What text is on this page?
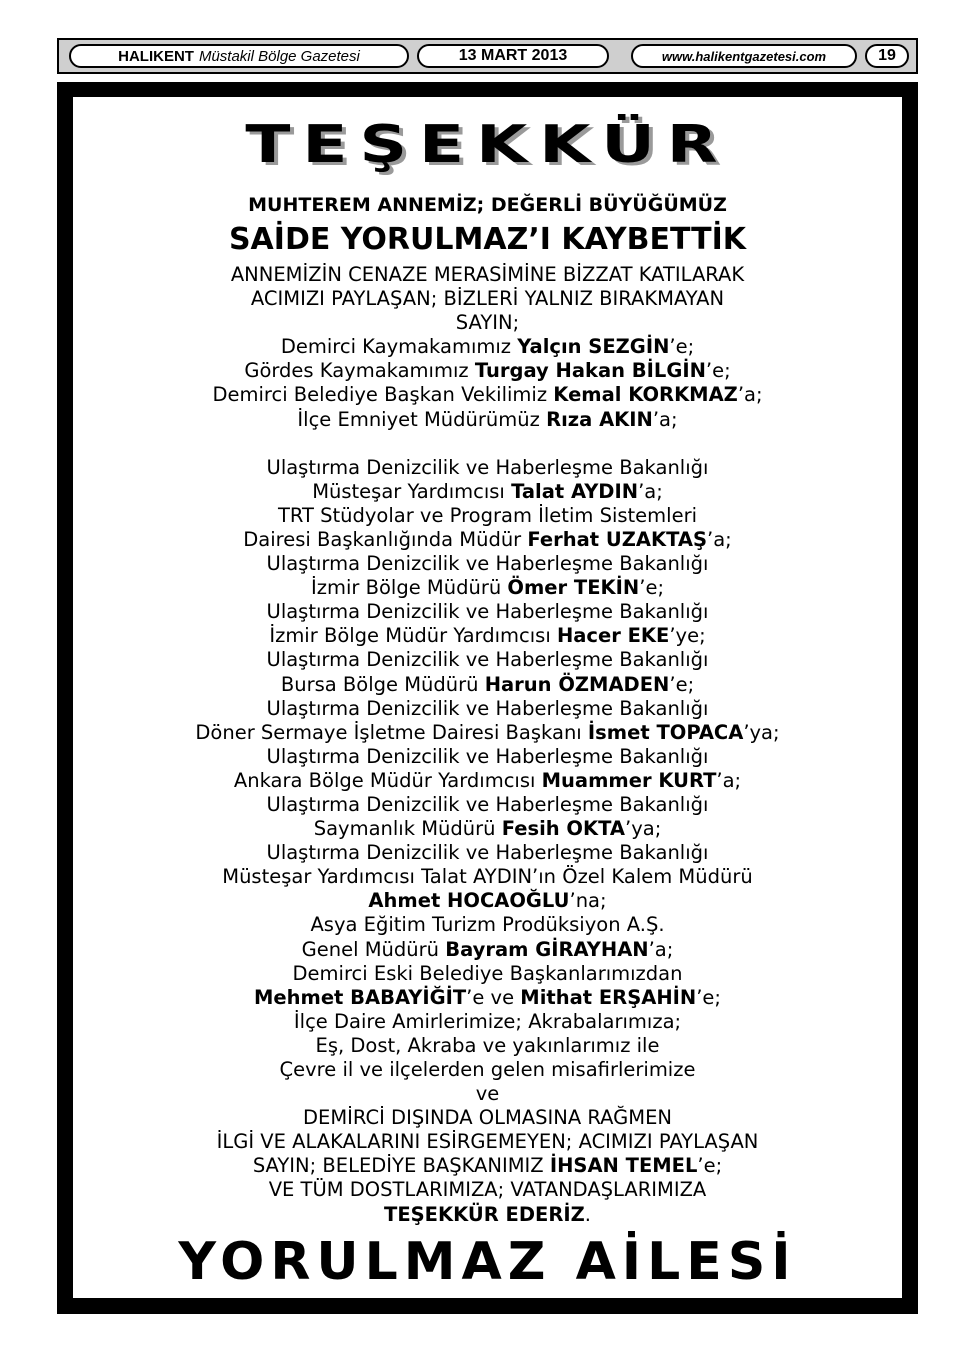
HALIKENT Müstakil Bölge Gazetesi	13 MART 2013	www.halikentgazetesi.com	19
TEŞEKKÜR
MUHTEREM ANNEMİZ; DEĞERLİ BÜYÜĞÜMÜZ
SAİDE YORULMAZ’I KAYBETTİK
ANNEMİZİN CENAZE MERASİMİNE BİZZAT KATILARAK
ACIMIZI PAYLAŞAN; BİZLERİ YALNIZ BIRAKMAYAN
SAYIN;
Demirci Kaymakamımız Yalçın SEZGİN’e;
Gördes Kaymakamımız Turgay Hakan BİLGİN’e;
Demirci Belediye Başkan Vekilimiz Kemal KORKMAZ’a;
İlçe Emniyet Müdürümüz Rıza AKIN’a;
Ulaştırma Denizcilik ve Haberleşme Bakanlığı
Müsteşar Yardımcısı Talat AYDIN’a;
TRT Stüdyolar ve Program İletim Sistemleri
Dairesi Başkanlığında Müdür Ferhat UZAKTAŞ’a;
Ulaştırma Denizcilik ve Haberleşme Bakanlığı
İzmir Bölge Müdürü Ömer TEKİN’e;
Ulaştırma Denizcilik ve Haberleşme Bakanlığı
İzmir Bölge Müdür Yardımcısı Hacer EKE’ye;
Ulaştırma Denizcilik ve Haberleşme Bakanlığı
Bursa Bölge Müdürü Harun ÖZMADEN’e;
Ulaştırma Denizcilik ve Haberleşme Bakanlığı
Döner Sermaye İşletme Dairesi Başkanı İsmet TOPACA’ya;
Ulaştırma Denizcilik ve Haberleşme Bakanlığı
Ankara Bölge Müdür Yardımcısı Muammer KURT’a;
Ulaştırma Denizcilik ve Haberleşme Bakanlığı
Saymanlık Müdürü Fesih OKTA’ya;
Ulaştırma Denizcilik ve Haberleşme Bakanlığı
Müsteşar Yardımcısı Talat AYDIN’ın Özel Kalem Müdürü
Ahmet HOCAOĞLU’na;
Asya Eğitim Turizm Prodüksiyon A.Ş.
Genel Müdürü Bayram GİRAYHAN’a;
Demirci Eski Belediye Başkanlarımızdan
Mehmet BABAYİĞİT’e ve Mithat ERŞAHİN’e;
İlçe Daire Amirlerimize; Akrabalarımıza;
Eş, Dost, Akraba ve yakınlarımız ile
Çevre il ve ilçelerden gelen misafirlerimize
ve
DEMİRCİ DIŞINDA OLMASINA RAĞMEN
İLGİ VE ALAKALARINI ESİRGEMEYEN; ACIMIZI PAYLAŞAN
SAYIN; BELEDİYE BAŞKANIMIZ İHSAN TEMEL’e;
VE TÜM DOSTLARIMIZA; VATANDAŞLARIMIZA
TEŞEKKÜR EDERİZ.
YORULMAZ AİLESİ
